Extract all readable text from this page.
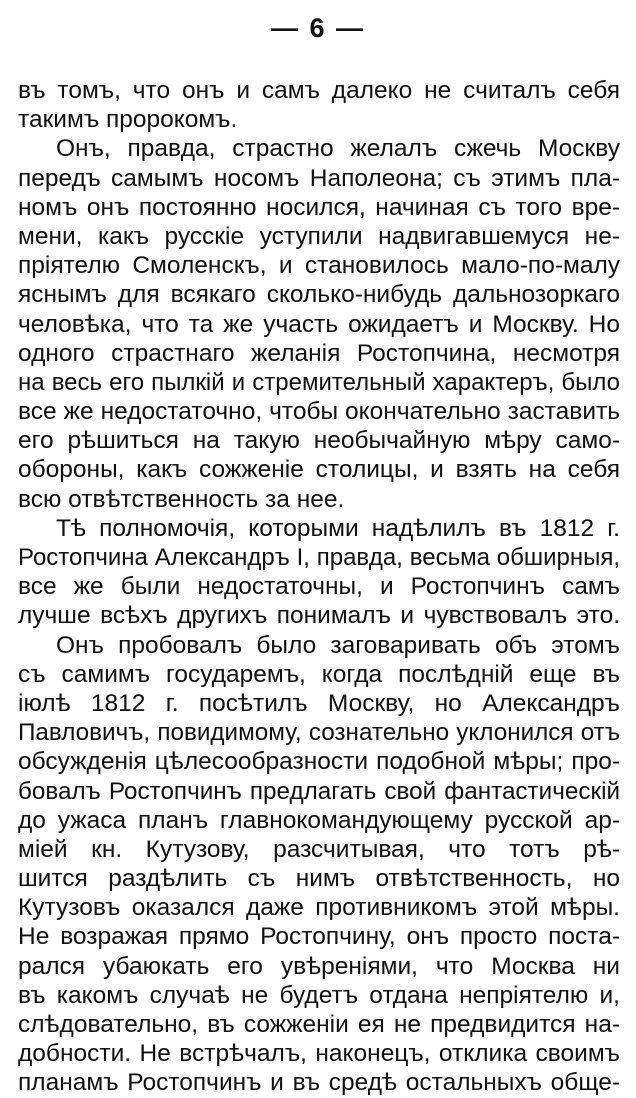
— 6 —
въ томъ, что онъ и самъ далеко не считалъ себя
такимъ пророкомъ.
Онъ, правда, страстно желалъ сжечь Москву
передъ самымъ носомъ Наполеона; съ этимъ пла-
номъ онъ постоянно носился, начиная съ того вре-
мени, какъ русскіе уступили надвигавшемуся не-
пріятелю Смоленскъ, и становилось мало-по-малу
яснымъ для всякаго сколько-нибудь дальнозоркаго
человѣка, что та же участь ожидаетъ и Москву. Но
одного страстнаго желанія Ростопчина, несмотря
на весь его пылкій и стремительный характеръ, было
все же недостаточно, чтобы окончательно заставить
его рѣшиться на такую необычайную мѣру само-
обороны, какъ сожженіе столицы, и взять на себя
всю отвѣтственность за нее.
Тѣ полномочія, которыми надѣлилъ въ 1812 г.
Ростопчина Александръ I, правда, весьма обширныя,
все же были недостаточны, и Ростопчинъ самъ
лучше всѣхъ другихъ понималъ и чувствовалъ это.
Онъ пробовалъ было заговаривать объ этомъ
съ самимъ государемъ, когда послѣдній еще въ
іюлѣ 1812 г. посѣтилъ Москву, но Александръ
Павловичъ, повидимому, сознательно уклонился отъ
обсужденія цѣлесообразности подобной мѣры; про-
бовалъ Ростопчинъ предлагать свой фантастическій
до ужаса планъ главнокомандующему русской ар-
міей кн. Кутузову, разсчитывая, что тотъ рѣ-
шится раздѣлить съ нимъ отвѣтственность, но
Кутузовъ оказался даже противникомъ этой мѣры.
Не возражая прямо Ростопчину, онъ просто поста-
рался убаюкать его увѣреніями, что Москва ни
въ какомъ случаѣ не будетъ отдана непріятелю и,
слѣдовательно, въ сожженіи ея не предвидится на-
добности. Не встрѣчалъ, наконецъ, отклика своимъ
планамъ Ростопчинъ и въ средѣ остальныхъ обще-
